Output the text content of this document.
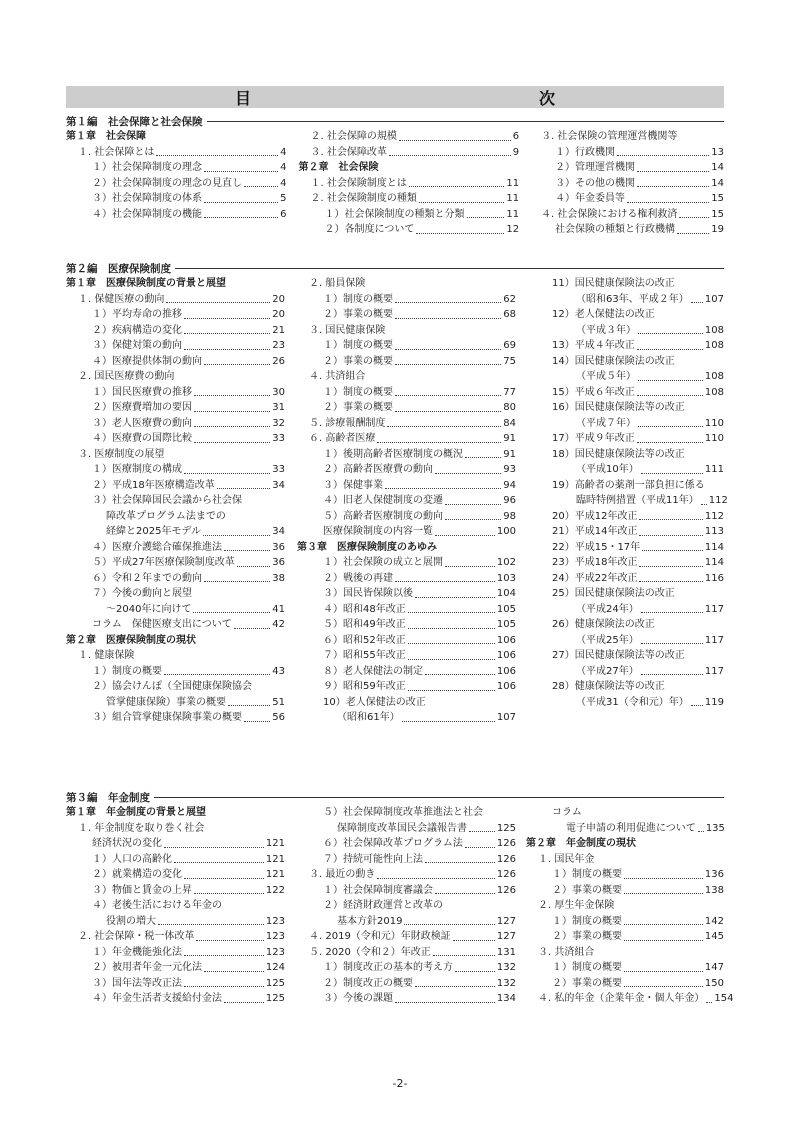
目　　　次
第１編　社会保障と社会保険
第１章　社会保障
１. 社会保障とは	4
１）社会保障制度の理念	4
２）社会保障制度の理念の見直し	4
３）社会保障制度の体系	5
４）社会保障制度の機能	6
２. 社会保障の規模	6
３. 社会保障改革	9
第２章　社会保険
１. 社会保険制度とは	11
２. 社会保険制度の種類	11
１）社会保険制度の種類と分類	11
２）各制度について	12
３. 社会保険の管理運営機関等
１）行政機関	13
２）管理運営機関	14
３）その他の機関	14
４）年金委員等	15
４. 社会保険における権利救済	15
社会保険の種類と行政機構	19
第２編　医療保険制度
第１章　医療保険制度の背景と展望
１. 保健医療の動向	20
１）平均寿命の推移	20
２）疾病構造の変化	21
３）保健対策の動向	23
４）医療提供体制の動向	26
２. 国民医療費の動向
１）国民医療費の推移	30
２）医療費増加の要因	31
３）老人医療費の動向	32
４）医療費の国際比較	33
３. 医療制度の展望
１）医療制度の構成	33
２）平成18年医療構造改革	34
３）社会保障国民会議から社会保
障改革プログラム法までの
経緯と2025年モデル	34
４）医療介護総合確保推進法	36
５）平成27年医療保険制度改革	36
６）令和２年までの動向	38
７）今後の動向と展望
～2040年に向けて	41
コラム　保健医療支出について	42
第２章　医療保険制度の現状
１. 健康保険
１）制度の概要	43
２）協会けんぽ（全国健康保険協会
管掌健康保険）事業の概要	51
３）組合管掌健康保険事業の概要	56
２. 船員保険
１）制度の概要	62
２）事業の概要	68
３. 国民健康保険
１）制度の概要	69
２）事業の概要	75
４. 共済組合
１）制度の概要	77
２）事業の概要	80
５. 診療報酬制度	84
６. 高齢者医療	91
１）後期高齢者医療制度の概況	91
２）高齢者医療費の動向	93
３）保健事業	94
４）旧老人保健制度の変遷	96
５）高齢者医療制度の動向	98
医療保険制度の内容一覧	100
第３章　医療保険制度のあゆみ
１）社会保険の成立と展開	102
２）戦後の再建	103
３）国民皆保険以後	104
４）昭和48年改正	105
５）昭和49年改正	105
６）昭和52年改正	106
７）昭和55年改正	106
８）老人保健法の制定	106
９）昭和59年改正	106
10）老人保健法の改正
（昭和61年）	107
11）国民健康保険法の改正
（昭和63年、平成２年） 107
12）老人保健法の改正
（平成３年）	108
13）平成４年改正	108
14）国民健康保険法の改正
（平成５年）	108
15）平成６年改正	108
16）国民健康保険法等の改正
（平成７年）	110
17）平成９年改正	110
18）国民健康保険法等の改正
（平成10年）	111
19）高齢者の薬剤一部負担に係る
臨時特例措置（平成11年） 112
20）平成12年改正	112
21）平成14年改正	113
22）平成15・17年	114
23）平成18年改正	114
24）平成22年改正	116
25）国民健康保険法の改正
（平成24年）	117
26）健康保険法の改正
（平成25年）	117
27）国民健康保険法等の改正
（平成27年）	117
28）健康保険法等の改正
（平成31（令和元）年） 119
第３編　年金制度
第１章　年金制度の背景と展望
１. 年金制度を取り巻く社会
経済状況の変化	121
１）人口の高齢化	121
２）就業構造の変化	121
３）物価と賃金の上昇	122
４）老後生活における年金の
役割の増大	123
２. 社会保障・税一体改革	123
１）年金機能強化法	123
２）被用者年金一元化法	124
３）国年法等改正法	125
４）年金生活者支援給付金法	125
５）社会保障制度改革推進法と社会
保障制度改革国民会議報告書	125
６）社会保障改革プログラム法	126
７）持続可能性向上法	126
３. 最近の動き	126
１）社会保障制度審議会	126
２）経済財政運営と改革の
基本方針2019	127
４. 2019（令和元）年財政検証	127
５. 2020（令和２）年改正	131
１）制度改正の基本的考え方	132
２）制度改正の概要	132
３）今後の課題	134
コラム
電子申請の利用促進について 135
第２章　年金制度の現状
１. 国民年金
１）制度の概要	136
２）事業の概要	138
２. 厚生年金保険
１）制度の概要	142
２）事業の概要	145
３. 共済組合
１）制度の概要	147
２）事業の概要	150
４. 私的年金（企業年金・個人年金） 154
-2-
